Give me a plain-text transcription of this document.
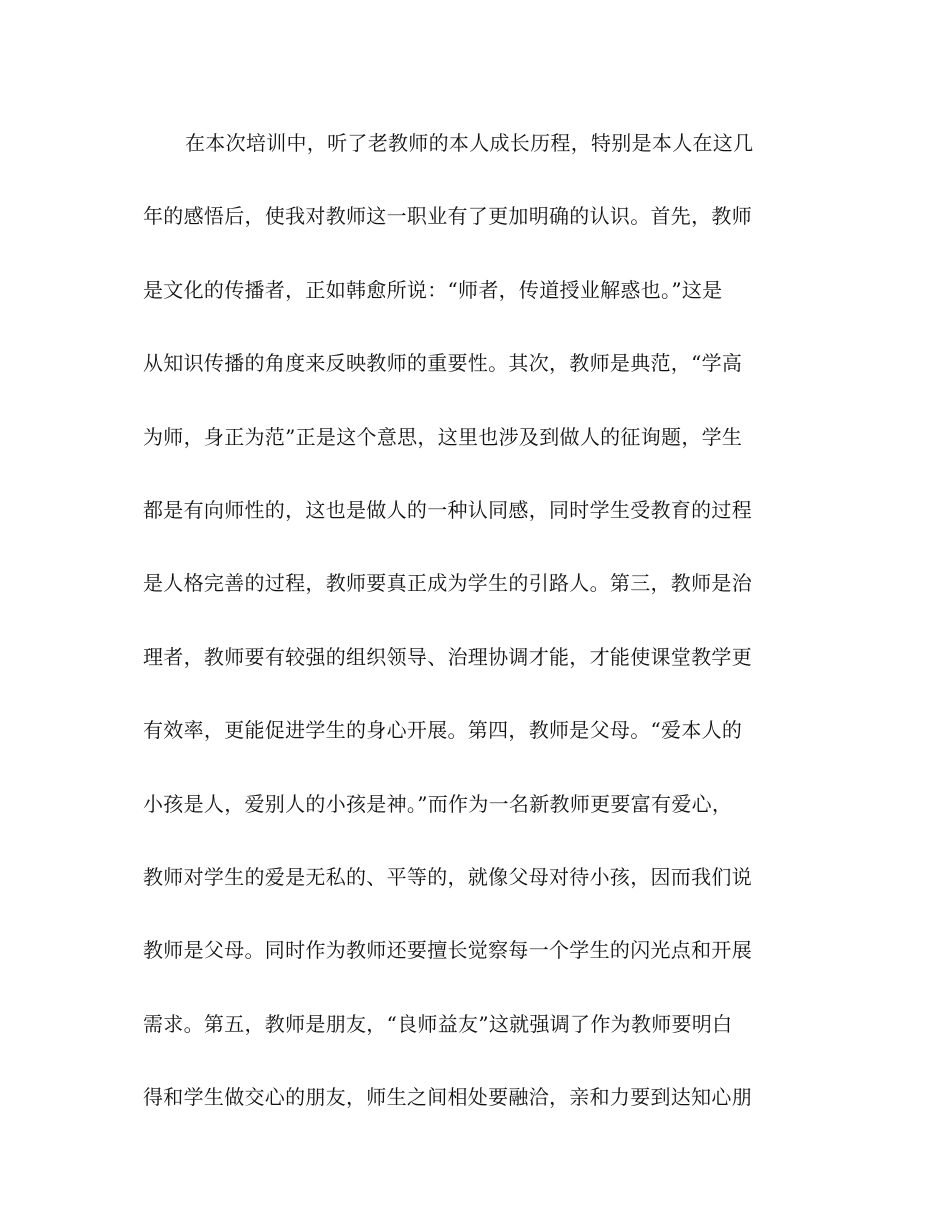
在本次培训中，听了老教师的本人成长历程，特别是本人在这几
年的感悟后，使我对教师这一职业有了更加明确的认识。首先，教师
是文化的传播者，正如韩愈所说：“师者，传道授业解惑也。”这是
从知识传播的角度来反映教师的重要性。其次，教师是典范，“学高
为师，身正为范”正是这个意思，这里也涉及到做人的征询题，学生
都是有向师性的，这也是做人的一种认同感，同时学生受教育的过程
是人格完善的过程，教师要真正成为学生的引路人。第三，教师是治
理者，教师要有较强的组织领导、治理协调才能，才能使课堂教学更
有效率，更能促进学生的身心开展。第四，教师是父母。“爱本人的
小孩是人，爱别人的小孩是神。”而作为一名新教师更要富有爱心，
教师对学生的爱是无私的、平等的，就像父母对待小孩，因而我们说
教师是父母。同时作为教师还要擅长觉察每一个学生的闪光点和开展
需求。第五，教师是朋友，“良师益友”这就强调了作为教师要明白
得和学生做交心的朋友，师生之间相处要融洽，亲和力要到达知心朋
